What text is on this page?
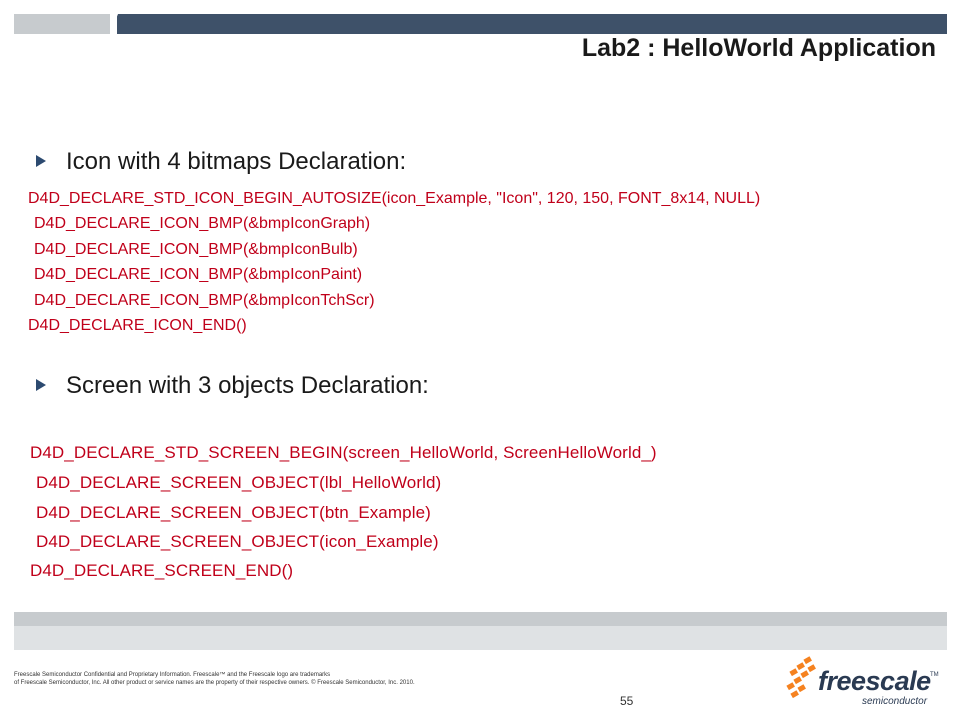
Lab2 : HelloWorld Application
Icon with 4 bitmaps Declaration:
D4D_DECLARE_STD_ICON_BEGIN_AUTOSIZE(icon_Example, "Icon", 120, 150, FONT_8x14, NULL)
D4D_DECLARE_ICON_BMP(&bmpIconGraph)
D4D_DECLARE_ICON_BMP(&bmpIconBulb)
D4D_DECLARE_ICON_BMP(&bmpIconPaint)
D4D_DECLARE_ICON_BMP(&bmpIconTchScr)
D4D_DECLARE_ICON_END()
Screen with 3 objects Declaration:
D4D_DECLARE_STD_SCREEN_BEGIN(screen_HelloWorld, ScreenHelloWorld_)
D4D_DECLARE_SCREEN_OBJECT(lbl_HelloWorld)
D4D_DECLARE_SCREEN_OBJECT(btn_Example)
D4D_DECLARE_SCREEN_OBJECT(icon_Example)
D4D_DECLARE_SCREEN_END()

Freescale Semiconductor Confidential and Proprietary Information. Freescale™ and the Freescale logo are trademarks

of Freescale Semiconductor, Inc. All other product or service names are the property of their respective owners. © Freescale Semiconductor, Inc. 2010.

55
freescale TM
semiconductor
